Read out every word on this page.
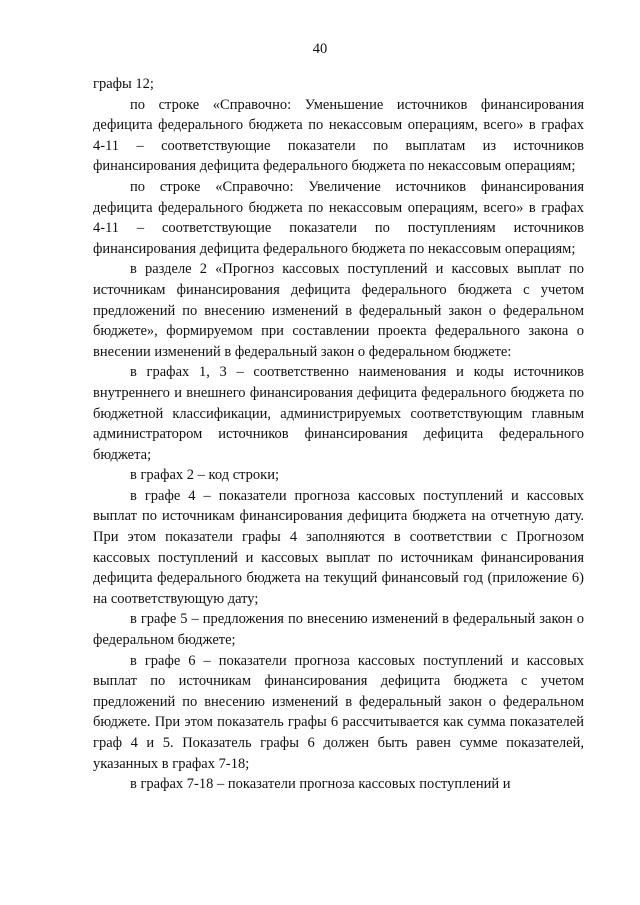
40

графы 12;

по строке «Справочно: Уменьшение источников финансирования дефицита федерального бюджета по некассовым операциям, всего» в графах 4-11 – соответствующие показатели по выплатам из источников финансирования дефицита федерального бюджета по некассовым операциям;

по строке «Справочно: Увеличение источников финансирования дефицита федерального бюджета по некассовым операциям, всего» в графах 4-11 – соответствующие показатели по поступлениям источников финансирования дефицита федерального бюджета по некассовым операциям;

в разделе 2 «Прогноз кассовых поступлений и кассовых выплат по источникам финансирования дефицита федерального бюджета с учетом предложений по внесению изменений в федеральный закон о федеральном бюджете», формируемом при составлении проекта федерального закона о внесении изменений в федеральный закон о федеральном бюджете:

в графах 1, 3 – соответственно наименования и коды источников внутреннего и внешнего финансирования дефицита федерального бюджета по бюджетной классификации, администрируемых соответствующим главным администратором источников финансирования дефицита федерального бюджета;

в графах 2 – код строки;

в графе 4 – показатели прогноза кассовых поступлений и кассовых выплат по источникам финансирования дефицита бюджета на отчетную дату. При этом показатели графы 4 заполняются в соответствии с Прогнозом кассовых поступлений и кассовых выплат по источникам финансирования дефицита федерального бюджета на текущий финансовый год (приложение 6) на соответствующую дату;

в графе 5 – предложения по внесению изменений в федеральный закон о федеральном бюджете;

в графе 6 – показатели прогноза кассовых поступлений и кассовых выплат по источникам финансирования дефицита бюджета с учетом предложений по внесению изменений в федеральный закон о федеральном бюджете. При этом показатель графы 6 рассчитывается как сумма показателей граф 4 и 5. Показатель графы 6 должен быть равен сумме показателей, указанных в графах 7-18;

в графах 7-18 – показатели прогноза кассовых поступлений и
